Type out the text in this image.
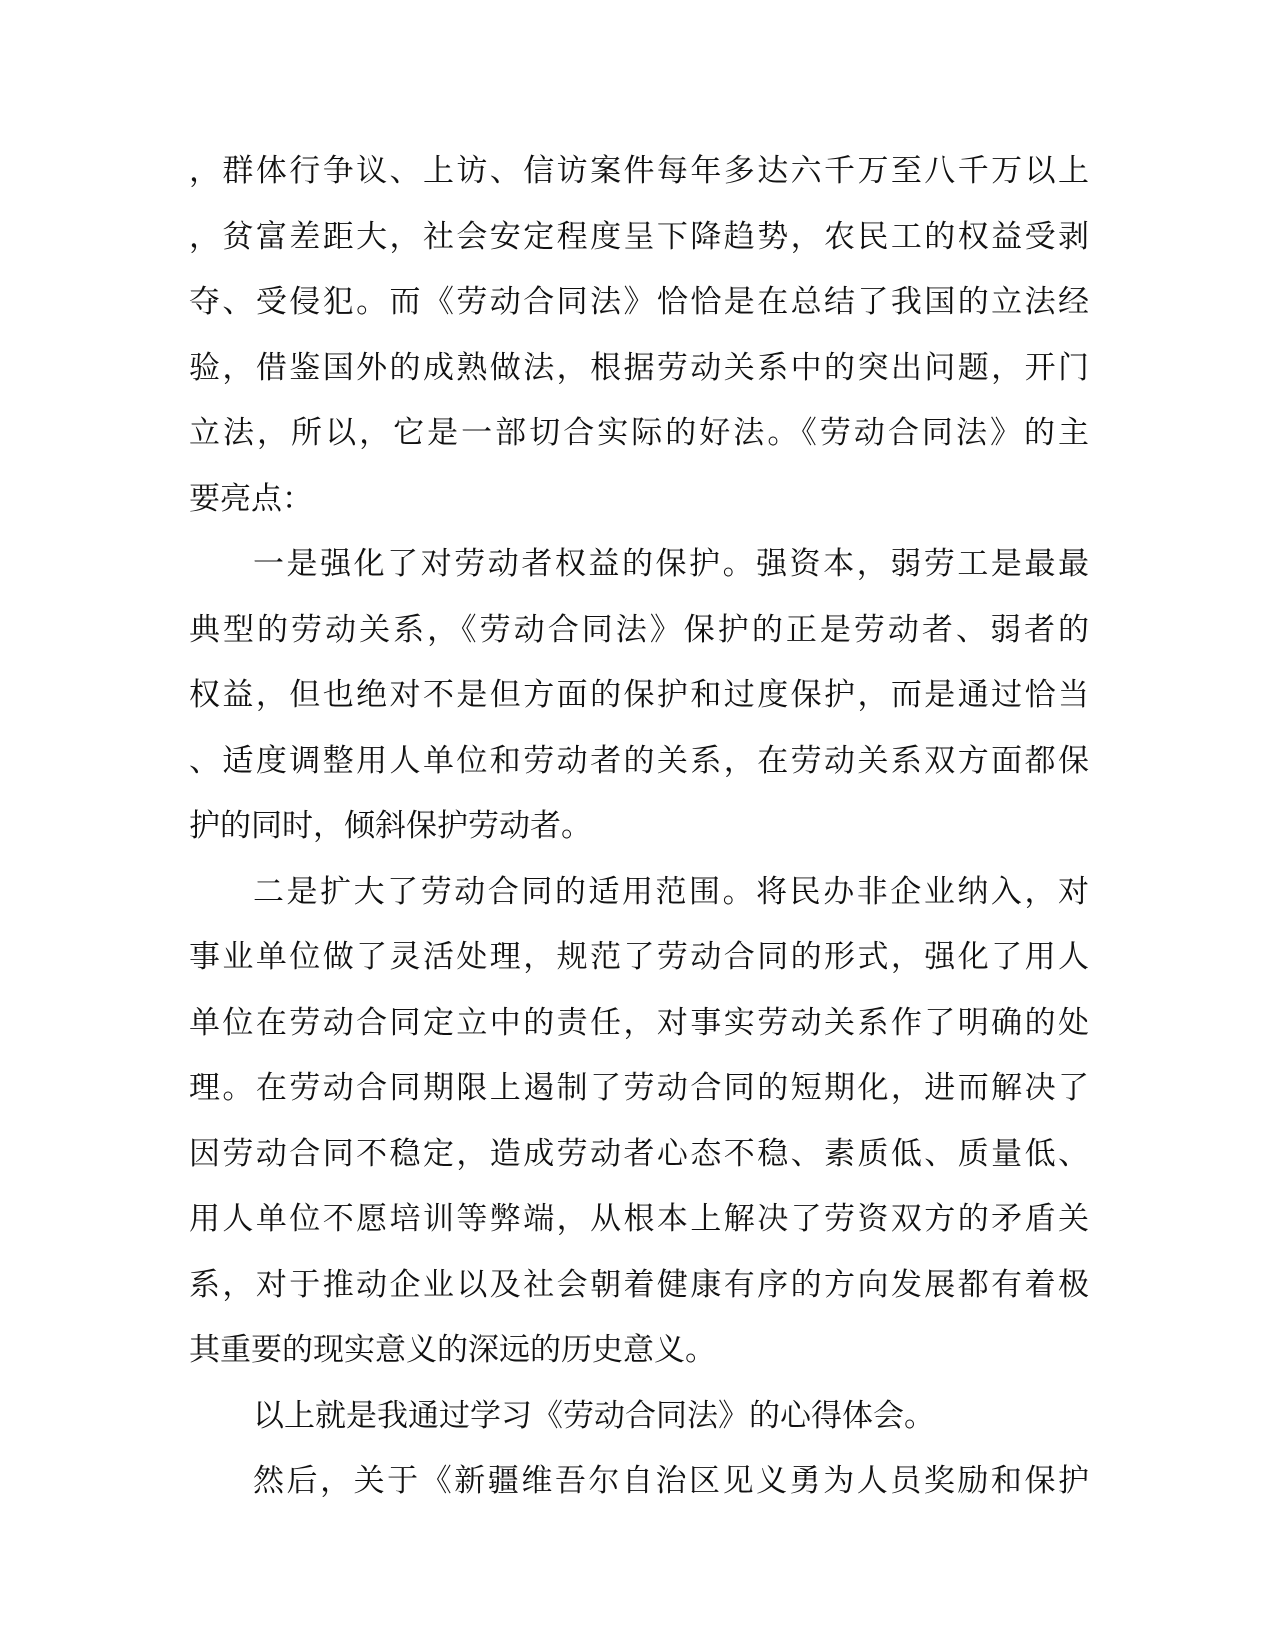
，群体行争议、上访、信访案件每年多达六千万至八千万以上
，贫富差距大，社会安定程度呈下降趋势，农民工的权益受剥
夺、受侵犯。而《劳动合同法》恰恰是在总结了我国的立法经
验，借鉴国外的成熟做法，根据劳动关系中的突出问题，开门
立法，所以，它是一部切合实际的好法。《劳动合同法》的主
要亮点：
一是强化了对劳动者权益的保护。强资本，弱劳工是最最
典型的劳动关系，《劳动合同法》保护的正是劳动者、弱者的
权益，但也绝对不是但方面的保护和过度保护，而是通过恰当
、适度调整用人单位和劳动者的关系，在劳动关系双方面都保
护的同时，倾斜保护劳动者。
二是扩大了劳动合同的适用范围。将民办非企业纳入，对
事业单位做了灵活处理，规范了劳动合同的形式，强化了用人
单位在劳动合同定立中的责任，对事实劳动关系作了明确的处
理。在劳动合同期限上遏制了劳动合同的短期化，进而解决了
因劳动合同不稳定，造成劳动者心态不稳、素质低、质量低、
用人单位不愿培训等弊端，从根本上解决了劳资双方的矛盾关
系，对于推动企业以及社会朝着健康有序的方向发展都有着极
其重要的现实意义的深远的历史意义。
以上就是我通过学习《劳动合同法》的心得体会。
然后，关于《新疆维吾尔自治区见义勇为人员奖励和保护
